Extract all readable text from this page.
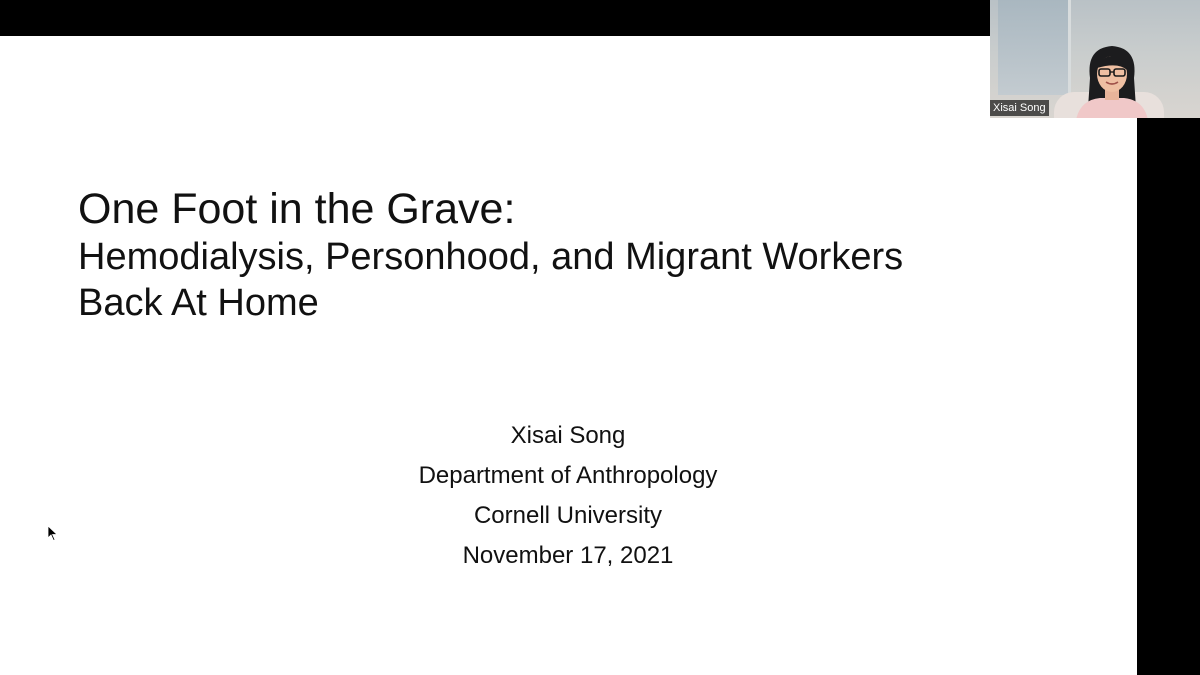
One Foot in the Grave:
Hemodialysis, Personhood, and Migrant Workers
Back At Home
Xisai Song
Department of Anthropology
Cornell University
November 17, 2021
Xisai Song
